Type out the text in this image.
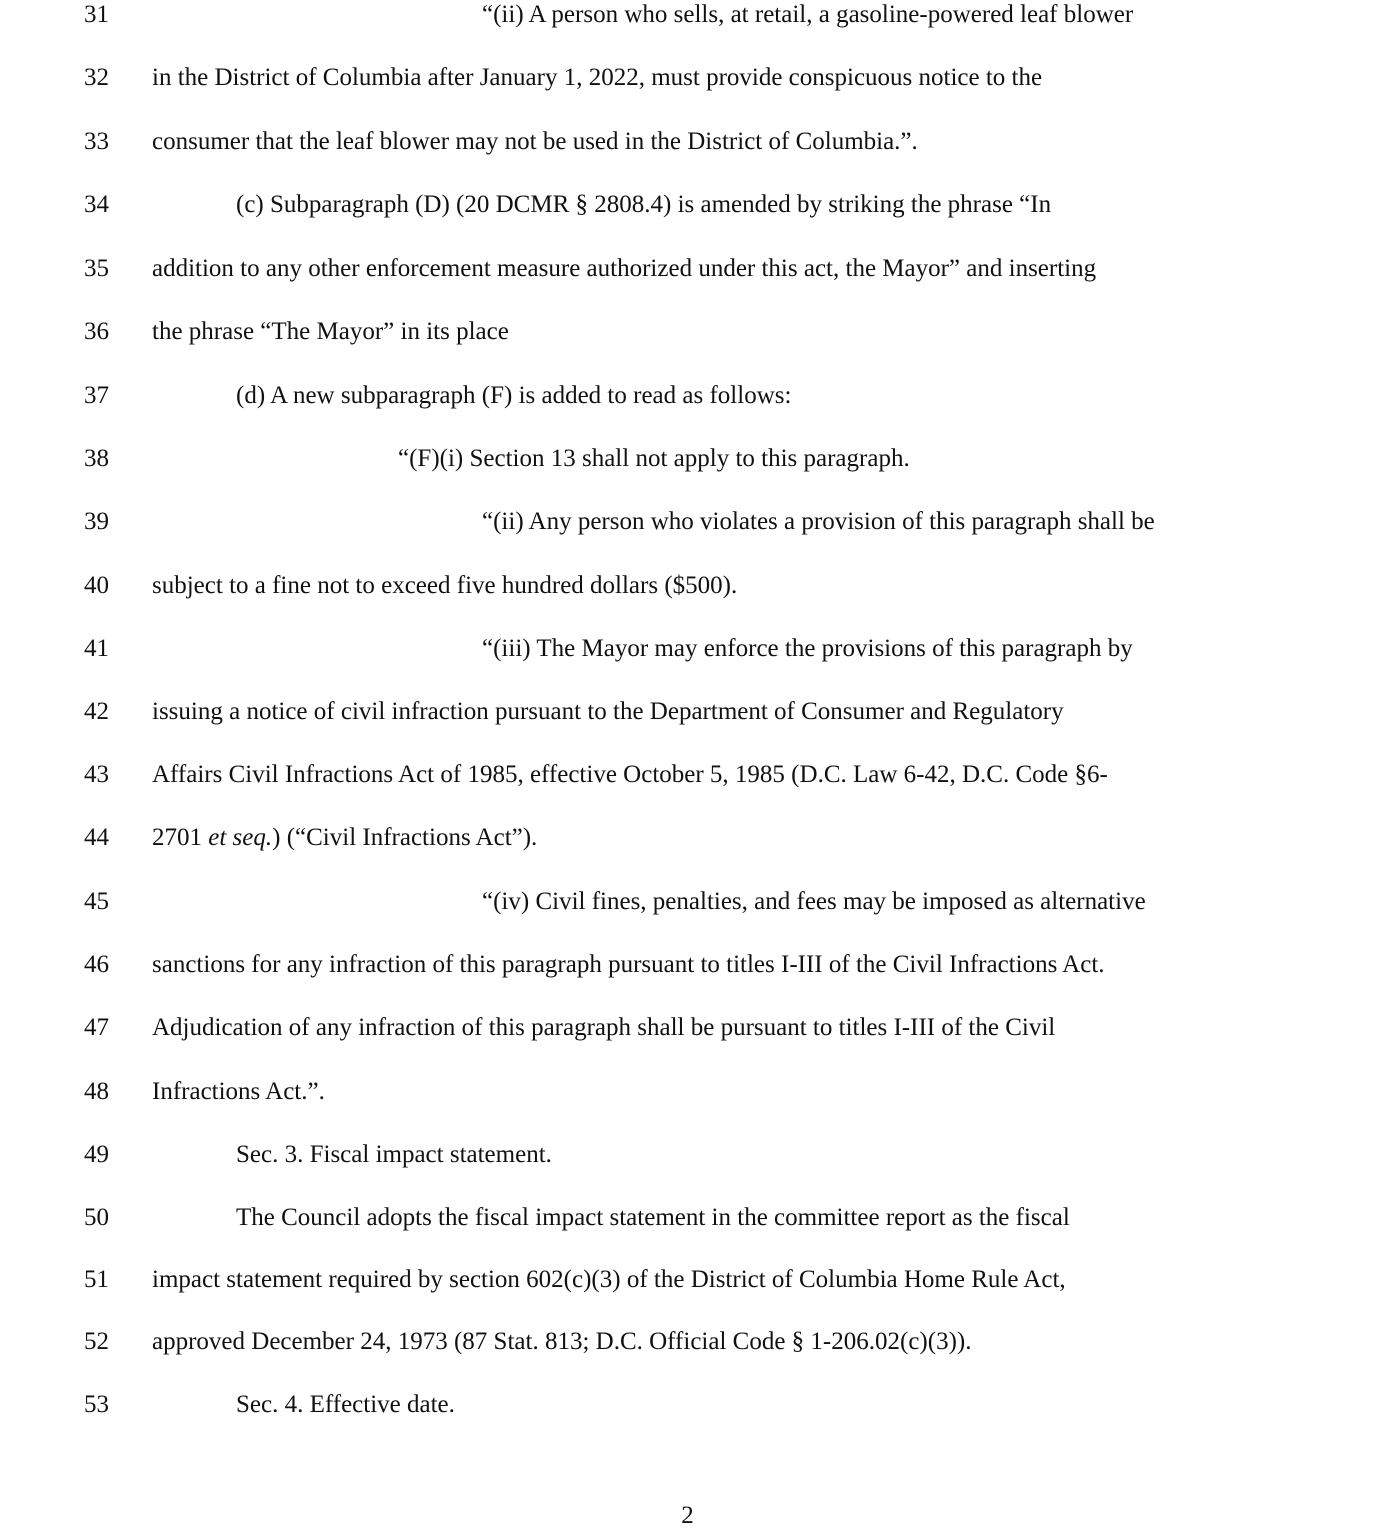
31	“(ii) A person who sells, at retail, a gasoline-powered leaf blower
32	in the District of Columbia after January 1, 2022, must provide conspicuous notice to the
33	consumer that the leaf blower may not be used in the District of Columbia.”.
34	(c) Subparagraph (D) (20 DCMR § 2808.4) is amended by striking the phrase “In
35	addition to any other enforcement measure authorized under this act, the Mayor” and inserting
36	the phrase “The Mayor” in its place
37	(d) A new subparagraph (F) is added to read as follows:
38	“(F)(i) Section 13 shall not apply to this paragraph.
39	“(ii) Any person who violates a provision of this paragraph shall be
40	subject to a fine not to exceed five hundred dollars ($500).
41	“(iii) The Mayor may enforce the provisions of this paragraph by
42	issuing a notice of civil infraction pursuant to the Department of Consumer and Regulatory
43	Affairs Civil Infractions Act of 1985, effective October 5, 1985 (D.C. Law 6-42, D.C. Code §6-
44	2701 et seq.) (“Civil Infractions Act”).
45	“(iv) Civil fines, penalties, and fees may be imposed as alternative
46	sanctions for any infraction of this paragraph pursuant to titles I-III of the Civil Infractions Act.
47	Adjudication of any infraction of this paragraph shall be pursuant to titles I-III of the Civil
48	Infractions Act.”.
49	Sec. 3. Fiscal impact statement.
50	The Council adopts the fiscal impact statement in the committee report as the fiscal
51	impact statement required by section 602(c)(3) of the District of Columbia Home Rule Act,
52	approved December 24, 1973 (87 Stat. 813; D.C. Official Code § 1-206.02(c)(3)).
53	Sec. 4. Effective date.
2
